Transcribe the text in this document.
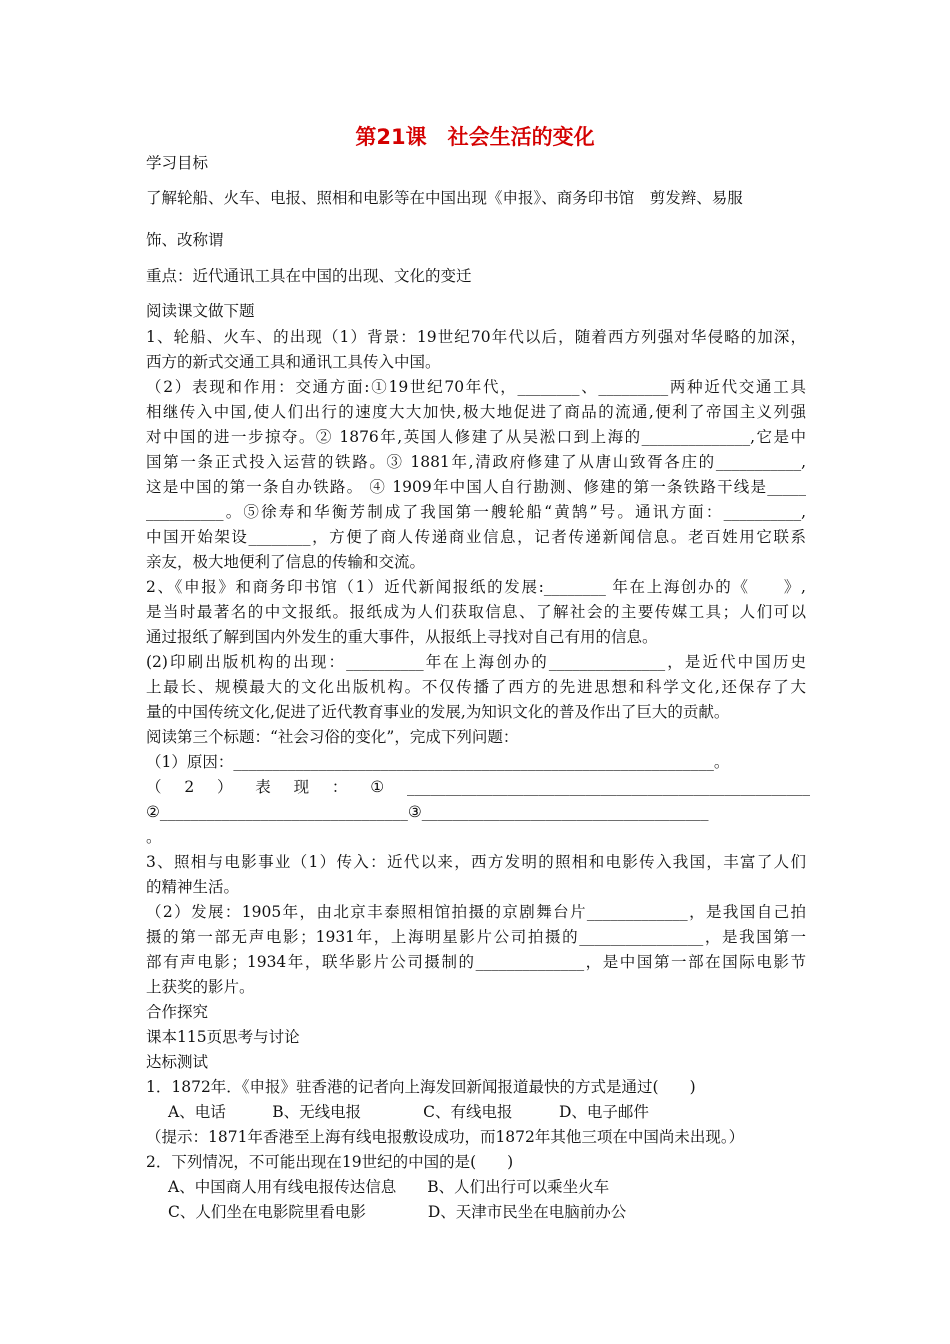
第21课　社会生活的变化
学习目标
了解轮船、火车、电报、照相和电影等在中国出现《申报》、商务印书馆　剪发辫、易服
饰、改称谓
重点：近代通讯工具在中国的出现、文化的变迁
阅读课文做下题
1、轮船、火车、的出现（1）背景：19世纪70年代以后，随着西方列强对华侵略的加深，
西方的新式交通工具和通讯工具传入中国。
（2）表现和作用：交通方面:①19世纪70年代，________、_________两种近代交通工具
相继传入中国,使人们出行的速度大大加快,极大地促进了商品的流通,便利了帝国主义列强
对中国的进一步掠夺。② 1876年,英国人修建了从吴淞口到上海的______________,它是中
国第一条正式投入运营的铁路。③ 1881年,清政府修建了从唐山致胥各庄的___________,
这是中国的第一条自办铁路。 ④ 1909年中国人自行勘测、修建的第一条铁路干线是_____
__________。⑤徐寿和华衡芳制成了我国第一艘轮船“黄鹄”号。通讯方面：__________,
中国开始架设________，方便了商人传递商业信息，记者传递新闻信息。老百姓用它联系
亲友，极大地便利了信息的传输和交流。
2、《申报》和商务印书馆（1）近代新闻报纸的发展:________ 年在上海创办的《　　》,
是当时最著名的中文报纸。报纸成为人们获取信息、了解社会的主要传媒工具；人们可以
通过报纸了解到国内外发生的重大事件，从报纸上寻找对自己有用的信息。
(2)印刷出版机构的出现：__________年在上海创办的_______________，是近代中国历史
上最长、规模最大的文化出版机构。不仅传播了西方的先进思想和科学文化,还保存了大
量的中国传统文化,促进了近代教育事业的发展,为知识文化的普及作出了巨大的贡献。
阅读第三个标题：“社会习俗的变化”，完成下列问题：
（1）原因：______________________________________________________________。
（ 2 ） 表 现 ： ① ____________________________________________________
②________________________________③_____________________________________
。
3、照相与电影事业（1）传入：近代以来，西方发明的照相和电影传入我国，丰富了人们
的精神生活。
（2）发展：1905年，由北京丰泰照相馆拍摄的京剧舞台片_____________，是我国自己拍
摄的第一部无声电影；1931年，上海明星影片公司拍摄的________________，是我国第一
部有声电影；1934年，联华影片公司摄制的______________，是中国第一部在国际电影节
上获奖的影片。
合作探究
课本115页思考与讨论
达标测试
1．1872年．《申报》驻香港的记者向上海发回新闻报道最快的方式是通过(　　)
A、电话　　　B、无线电报　　　　C、有线电报　　　D、电子邮件
（提示：1871年香港至上海有线电报敷设成功，而1872年其他三项在中国尚未出现。）
2．下列情况，不可能出现在19世纪的中国的是(　　)
A、中国商人用有线电报传达信息　　B、人们出行可以乘坐火车
C、人们坐在电影院里看电影　　　　D、天津市民坐在电脑前办公
